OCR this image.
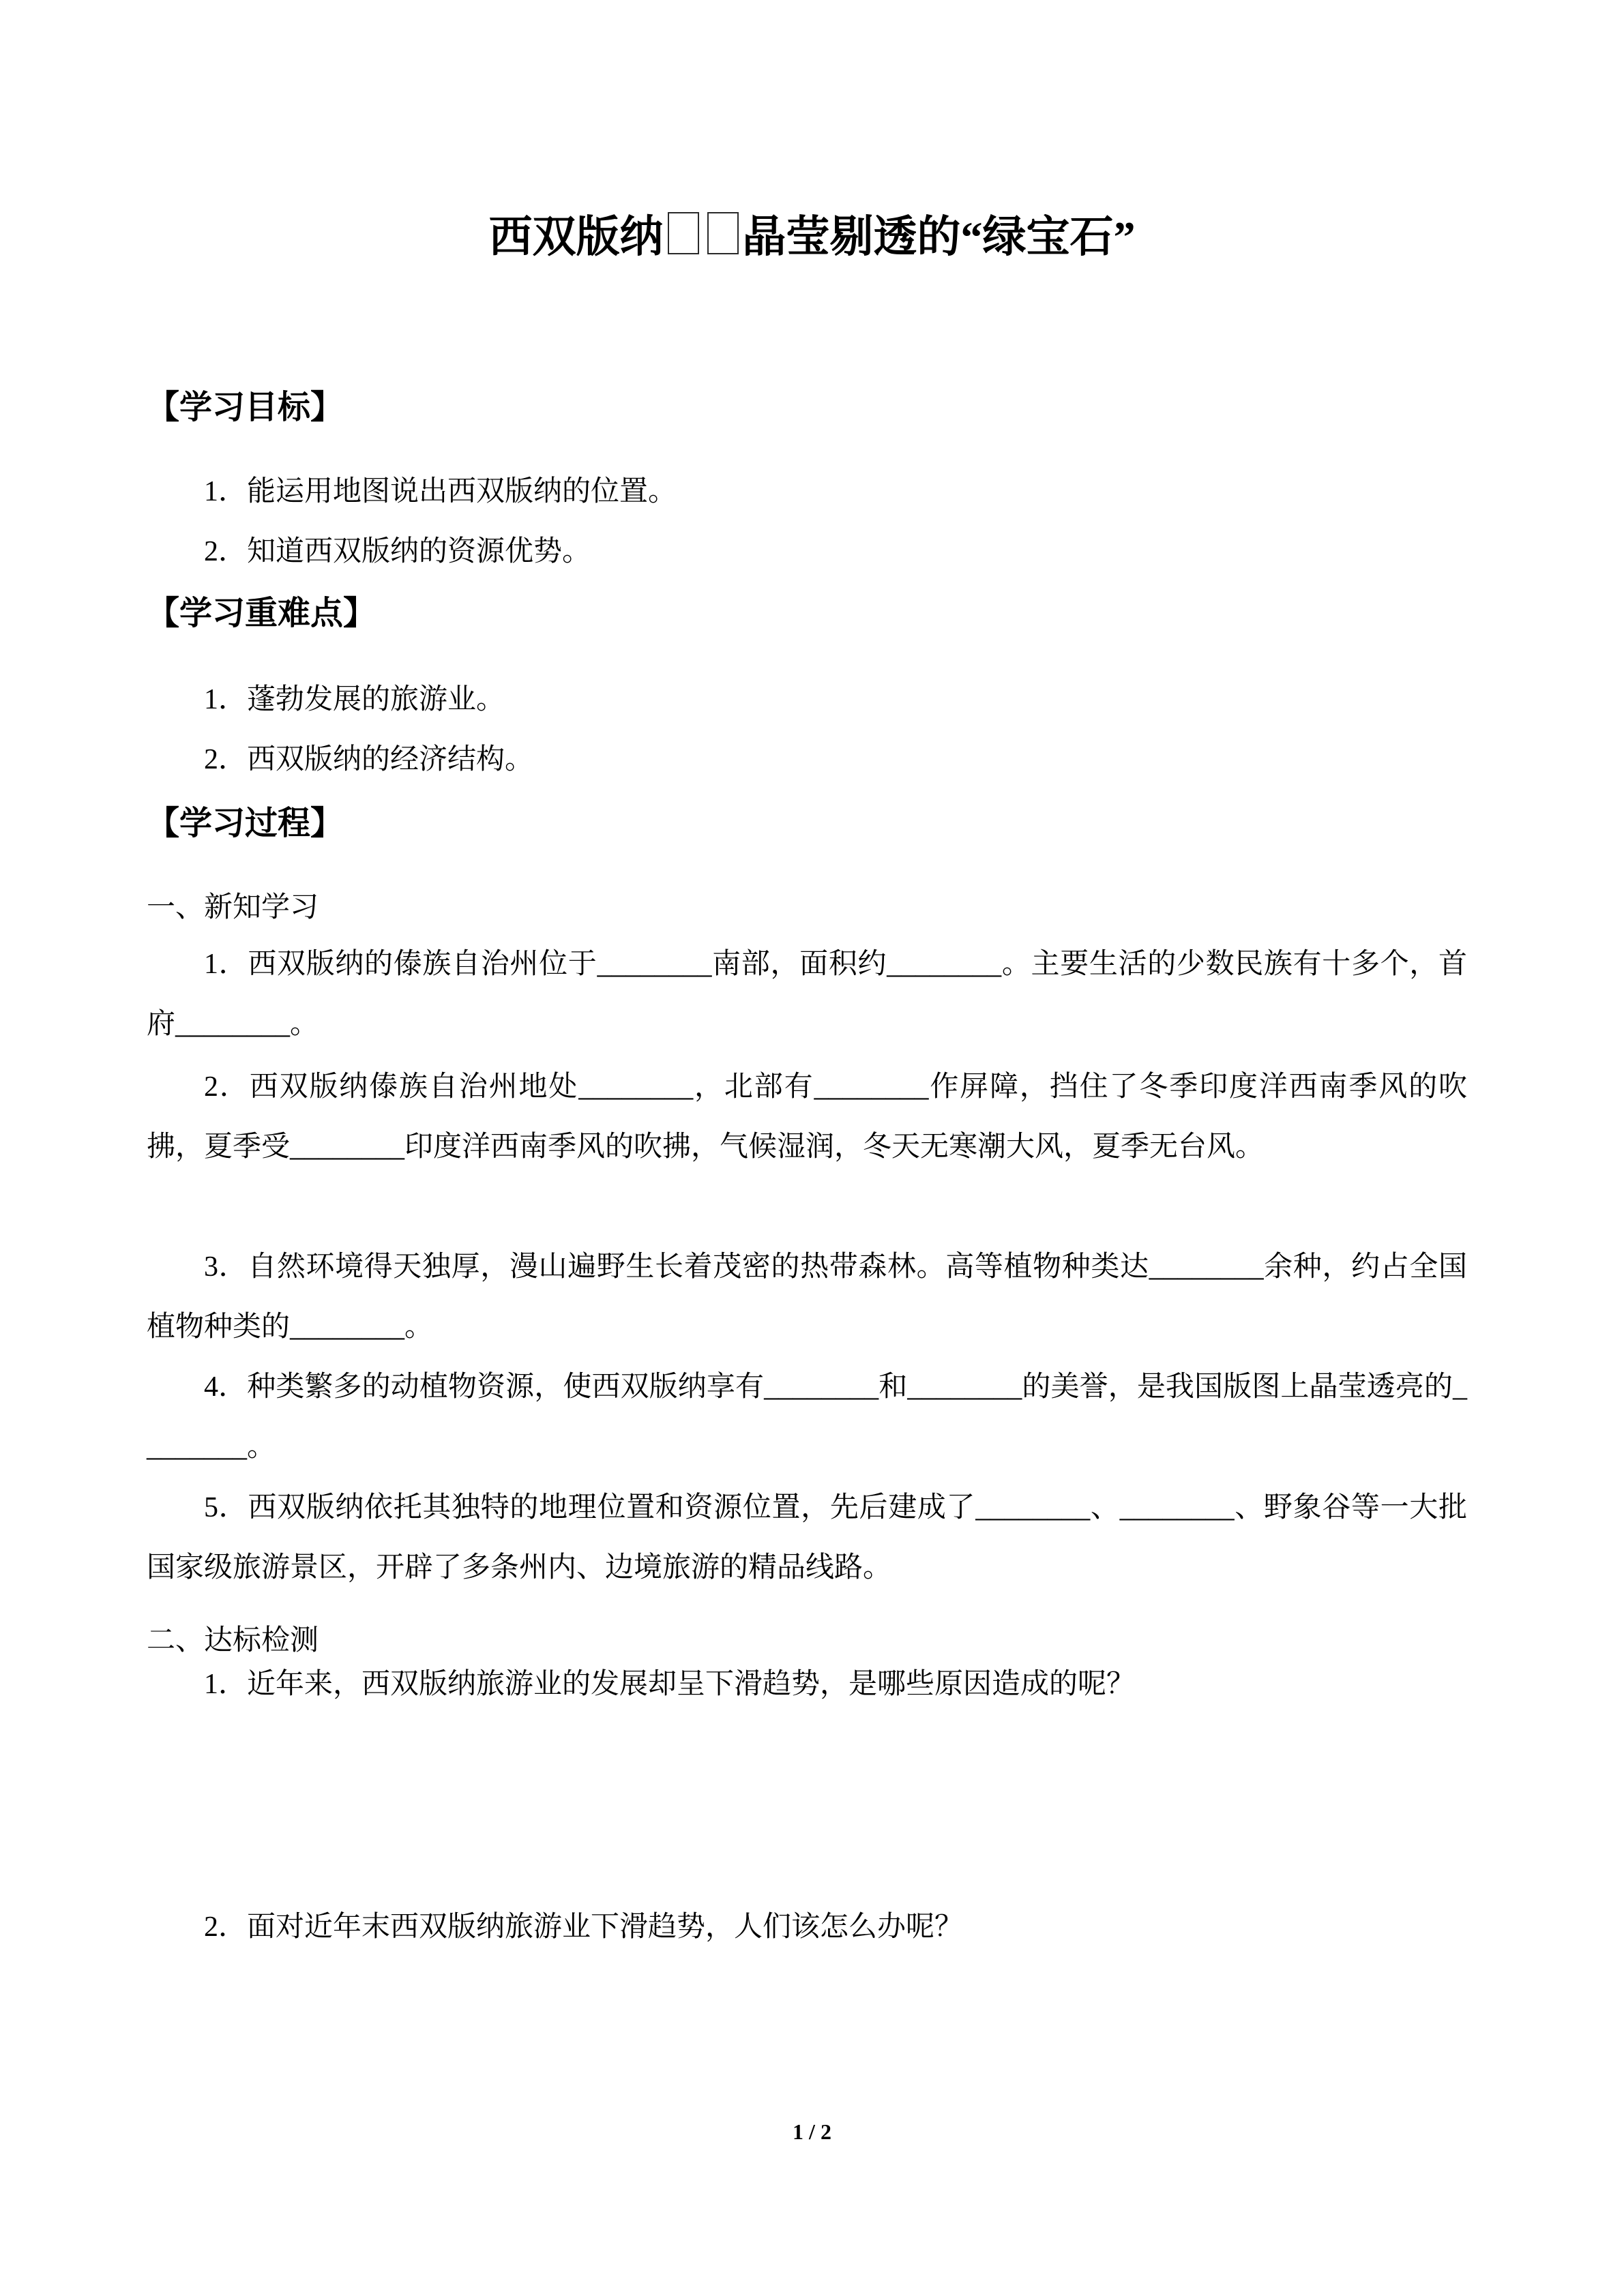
西双版纳 晶莹剔透的“绿宝石”
【学习目标】

1．能运用地图说出西双版纳的位置。

2．知道西双版纳的资源优势。

【学习重难点】

1．蓬勃发展的旅游业。

2．西双版纳的经济结构。

【学习过程】

一、新知学习

1．西双版纳的傣族自治州位于________南部，面积约________。主要生活的少数民族有十多个，首府________。

2．西双版纳傣族自治州地处________，北部有________作屏障，挡住了冬季印度洋西南季风的吹拂，夏季受________印度洋西南季风的吹拂，气候湿润，冬天无寒潮大风，夏季无台风。

3．自然环境得天独厚，漫山遍野生长着茂密的热带森林。高等植物种类达________余种，约占全国植物种类的________。

4．种类繁多的动植物资源，使西双版纳享有________和________的美誉，是我国版图上晶莹透亮的________。

5．西双版纳依托其独特的地理位置和资源位置，先后建成了________、________、野象谷等一大批国家级旅游景区，开辟了多条州内、边境旅游的精品线路。

二、达标检测

1．近年来，西双版纳旅游业的发展却呈下滑趋势，是哪些原因造成的呢？

2．面对近年末西双版纳旅游业下滑趋势，人们该怎么办呢？

1 / 2
